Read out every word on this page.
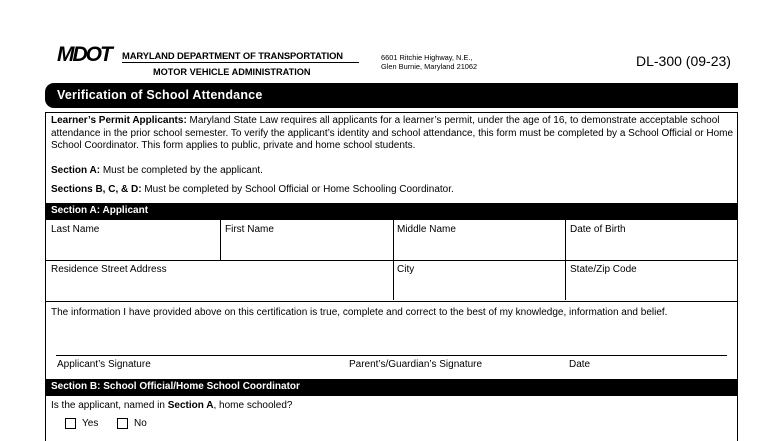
MDOT	MARYLAND DEPARTMENT OF TRANSPORTATION
MOTOR VEHICLE ADMINISTRATION
6601 Ritchie Highway, N.E.,
Glen Burnie, Maryland 21062	DL-300 (09-23)
Verification of School Attendance
Learner’s Permit Applicants: Maryland State Law requires all applicants for a learner’s permit, under the age of 16, to demonstrate acceptable school attendance in the prior school semester. To verify the applicant’s identity and school attendance, this form must be completed by a School Official or Home School Coordinator. This form applies to public, private and home school students.
Section A: Must be completed by the applicant.
Sections B, C, & D: Must be completed by School Official or Home Schooling Coordinator.
Section A: Applicant
Last Name	First Name	Middle Name	Date of Birth
Residence Street Address	City	State/Zip Code
The information I have provided above on this certification is true, complete and correct to the best of my knowledge, information and belief.
Applicant’s Signature	Parent’s/Guardian’s Signature	Date
Section B: School Official/Home School Coordinator
Is the applicant, named in Section A, home schooled?
Yes	No
